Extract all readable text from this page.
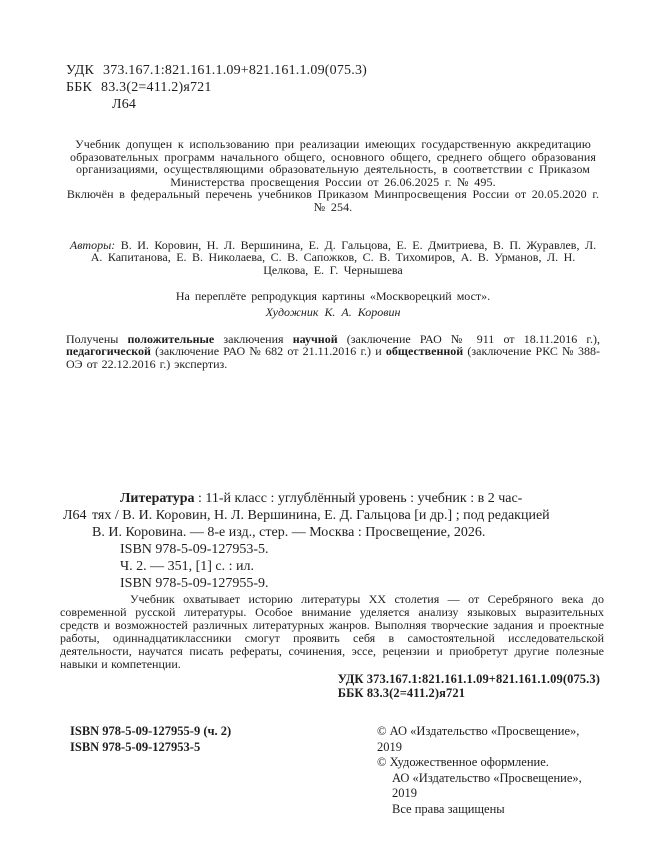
УДК 373.167.1:821.161.1.09+821.161.1.09(075.3)
ББК 83.3(2=411.2)я721
Л64

Учебник допущен к использованию при реализации имеющих государственную аккредитацию образовательных программ начального общего, основного общего, среднего общего образования организациями, осуществляющими образовательную деятельность, в соответствии с Приказом Министерства просвещения России от 26.06.2025 г. № 495.

Включён в федеральный перечень учебников Приказом Минпросвещения России от 20.05.2020 г. № 254.

Авторы: В. И. Коровин, Н. Л. Вершинина, Е. Д. Гальцова, Е. Е. Дмитриева, В. П. Журавлев, Л. А. Капитанова, Е. В. Николаева, С. В. Сапожков, С. В. Тихомиров, А. В. Урманов, Л. Н. Целкова, Е. Г. Чернышева

На переплёте репродукция картины «Москворецкий мост».

Художник К. А. Коровин

Получены положительные заключения научной (заключение РАО № 911 от 18.11.2016 г.), педагогической (заключение РАО № 682 от 21.11.2016 г.) и общественной (заключение РКС № 388-ОЭ от 22.12.2016 г.) экспертиз.

Л64
Литература : 11-й класс : углублённый уровень : учебник : в 2 час-
тях / В. И. Коровин, Н. Л. Вершинина, Е. Д. Гальцова [и др.] ; под редакцией
В. И. Коровина. — 8-е изд., стер. — Москва : Просвещение, 2026.
ISBN 978-5-09-127953-5.
Ч. 2. — 351, [1] с. : ил.
ISBN 978-5-09-127955-9.

Учебник охватывает историю литературы XX столетия — от Серебряного века до современной русской литературы. Особое внимание уделяется анализу языковых выразительных средств и возможностей различных литературных жанров. Выполняя творческие задания и проектные работы, одиннадцатиклассники смогут проявить себя в самостоятельной исследовательской деятельности, научатся писать рефераты, сочинения, эссе, рецензии и приобретут другие полезные навыки и компетенции.

УДК 373.167.1:821.161.1.09+821.161.1.09(075.3)
ББК 83.3(2=411.2)я721
ISBN 978-5-09-127955-9 (ч. 2)
ISBN 978-5-09-127953-5
© АО «Издательство «Просвещение», 2019
© Художественное оформление.
АО «Издательство «Просвещение», 2019
Все права защищены
